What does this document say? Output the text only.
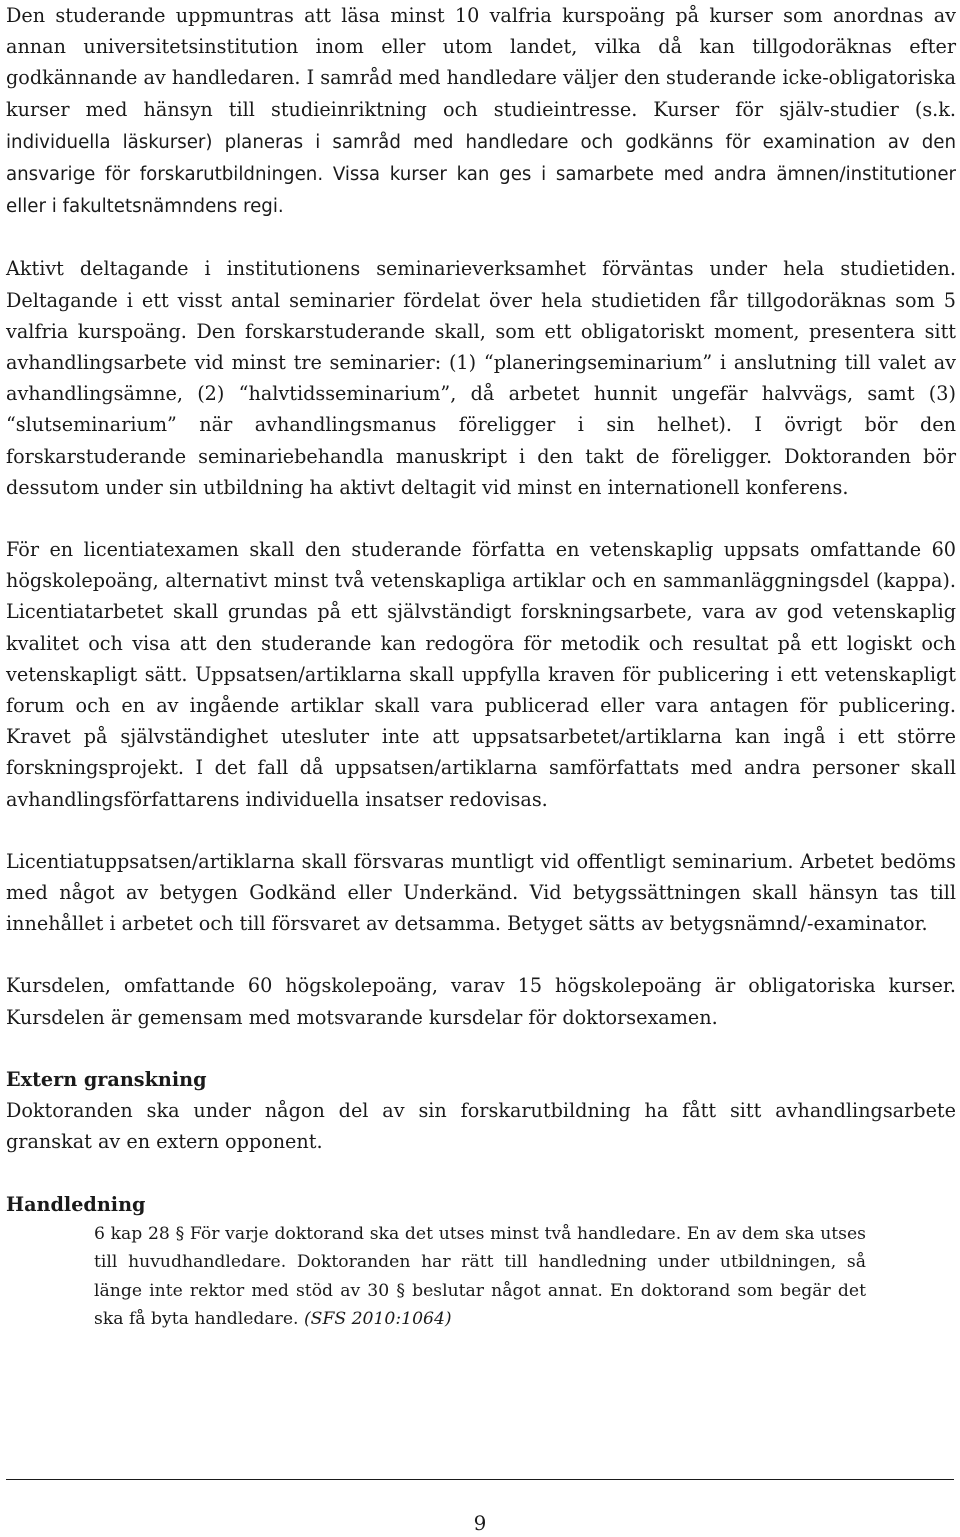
Den studerande uppmuntras att läsa minst 10 valfria kurspoäng på kurser som anordnas av annan universitetsinstitution inom eller utom landet, vilka då kan tillgodoräknas efter godkännande av handledaren. I samråd med handledare väljer den studerande icke-obligatoriska kurser med hänsyn till studieinriktning och studieintresse. Kurser för själv-studier (s.k. individuella läskurser) planeras i samråd med handledare och godkänns för examination av den ansvarige för forskarutbildningen. Vissa kurser kan ges i samarbete med andra ämnen/institutioner eller i fakultetsnämndens regi.

Aktivt deltagande i institutionens seminarieverksamhet förväntas under hela studietiden. Deltagande i ett visst antal seminarier fördelat över hela studietiden får tillgodoräknas som 5 valfria kurspoäng. Den forskarstuderande skall, som ett obligatoriskt moment, presentera sitt avhandlingsarbete vid minst tre seminarier: (1) “planeringseminarium” i anslutning till valet av avhandlingsämne, (2) “halvtidsseminarium”, då arbetet hunnit ungefär halvvägs, samt (3) “slutseminarium” när avhandlingsmanus föreligger i sin helhet). I övrigt bör den forskarstuderande seminariebehandla manuskript i den takt de föreligger. Doktoranden bör dessutom under sin utbildning ha aktivt deltagit vid minst en internationell konferens.

För en licentiatexamen skall den studerande författa en vetenskaplig uppsats omfattande 60 högskolepoäng, alternativt minst två vetenskapliga artiklar och en sammanläggningsdel (kappa). Licentiatarbetet skall grundas på ett självständigt forskningsarbete, vara av god vetenskaplig kvalitet och visa att den studerande kan redogöra för metodik och resultat på ett logiskt och vetenskapligt sätt. Uppsatsen/artiklarna skall uppfylla kraven för publicering i ett vetenskapligt forum och en av ingående artiklar skall vara publicerad eller vara antagen för publicering. Kravet på självständighet utesluter inte att uppsatsarbetet/artiklarna kan ingå i ett större forskningsprojekt. I det fall då uppsatsen/artiklarna samförfattats med andra personer skall avhandlingsförfattarens individuella insatser redovisas.

Licentiatuppsatsen/artiklarna skall försvaras muntligt vid offentligt seminarium. Arbetet bedöms med något av betygen Godkänd eller Underkänd. Vid betygssättningen skall hänsyn tas till innehållet i arbetet och till försvaret av detsamma. Betyget sätts av betygsnämnd/-examinator.

Kursdelen, omfattande 60 högskolepoäng, varav 15 högskolepoäng är obligatoriska kurser. Kursdelen är gemensam med motsvarande kursdelar för doktorsexamen.

Extern granskning

Doktoranden ska under någon del av sin forskarutbildning ha fått sitt avhandlingsarbete granskat av en extern opponent.

Handledning

6 kap 28 § För varje doktorand ska det utses minst två handledare. En av dem ska utses till huvudhandledare. Doktoranden har rätt till handledning under utbildningen, så länge inte rektor med stöd av 30 § beslutar något annat. En doktorand som begär det ska få byta handledare. (SFS 2010:1064)

9
